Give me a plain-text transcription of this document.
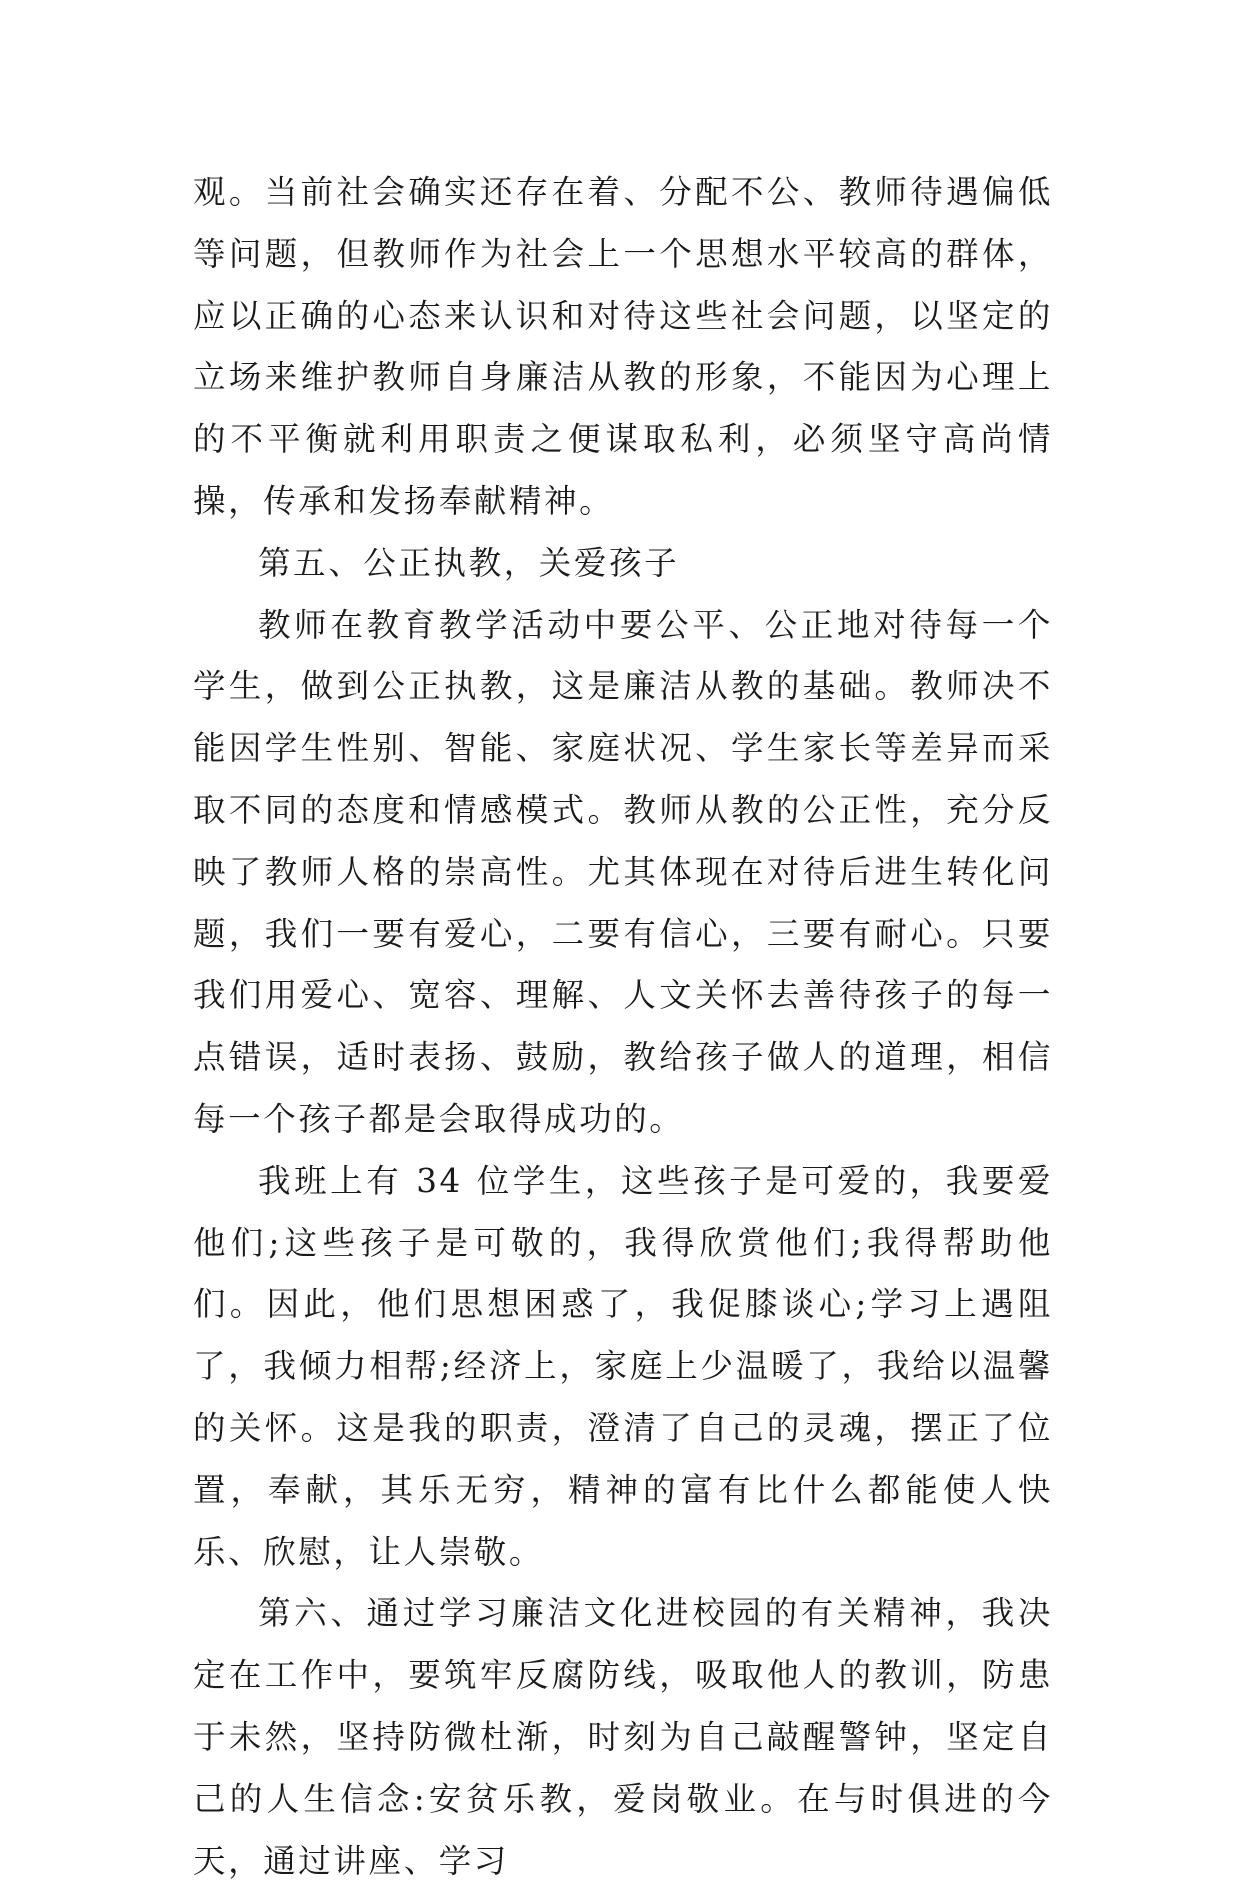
观。当前社会确实还存在着、分配不公、教师待遇偏低等问题，但教师作为社会上一个思想水平较高的群体，应以正确的心态来认识和对待这些社会问题，以坚定的立场来维护教师自身廉洁从教的形象，不能因为心理上的不平衡就利用职责之便谋取私利，必须坚守高尚情操，传承和发扬奉献精神。

第五、公正执教，关爱孩子

教师在教育教学活动中要公平、公正地对待每一个学生，做到公正执教，这是廉洁从教的基础。教师决不能因学生性别、智能、家庭状况、学生家长等差异而采取不同的态度和情感模式。教师从教的公正性，充分反映了教师人格的崇高性。尤其体现在对待后进生转化问题，我们一要有爱心，二要有信心，三要有耐心。只要我们用爱心、宽容、理解、人文关怀去善待孩子的每一点错误，适时表扬、鼓励，教给孩子做人的道理，相信每一个孩子都是会取得成功的。

我班上有 34 位学生，这些孩子是可爱的，我要爱他们;这些孩子是可敬的，我得欣赏他们;我得帮助他们。因此，他们思想困惑了，我促膝谈心;学习上遇阻了，我倾力相帮;经济上，家庭上少温暖了，我给以温馨的关怀。这是我的职责，澄清了自己的灵魂，摆正了位置，奉献，其乐无穷，精神的富有比什么都能使人快乐、欣慰，让人崇敬。

第六、通过学习廉洁文化进校园的有关精神，我决定在工作中，要筑牢反腐防线，吸取他人的教训，防患于未然，坚持防微杜渐，时刻为自己敲醒警钟，坚定自己的人生信念:安贫乐教，爱岗敬业。在与时俱进的今天，通过讲座、学习
